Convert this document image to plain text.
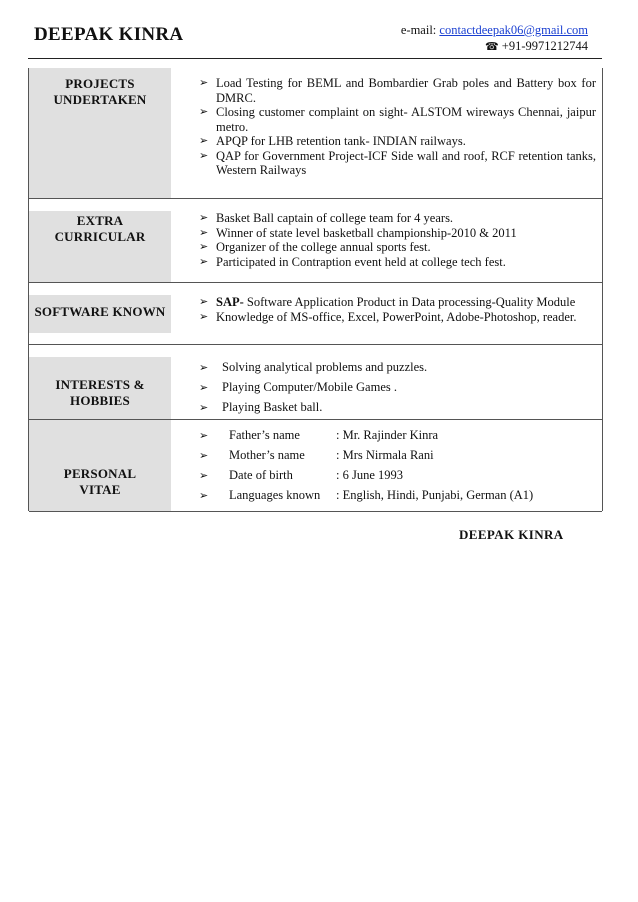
DEEPAK KINRA	e-mail: contactdeepak06@gmail.com
☎ +91-9971212744
PROJECTS
UNDERTAKEN
➢ Load Testing for BEML and Bombardier Grab poles and Battery box for DMRC.
➢ Closing customer complaint on sight- ALSTOM wireways Chennai, jaipur metro.
➢ APQP for LHB retention tank- INDIAN railways.
➢ QAP for Government Project-ICF Side wall and roof, RCF retention tanks, Western Railways
EXTRA
CURRICULAR
➢ Basket Ball captain of college team for 4 years.
➢ Winner of state level basketball championship-2010 & 2011
➢ Organizer of the college annual sports fest.
➢ Participated in Contraption event held at college tech fest.
SOFTWARE KNOWN
➢ SAP- Software Application Product in Data processing-Quality Module
➢ Knowledge of MS-office, Excel, PowerPoint, Adobe-Photoshop, reader.
INTERESTS &
HOBBIES
➢ Solving analytical problems and puzzles.
➢ Playing Computer/Mobile Games .
➢ Playing Basket ball.
PERSONAL
VITAE
➢ Father’s name	: Mr. Rajinder Kinra
➢ Mother’s name : Mrs Nirmala Rani
➢ Date of birth	: 6 June 1993
➢ Languages known : English, Hindi, Punjabi, German (A1)
DEEPAK KINRA
